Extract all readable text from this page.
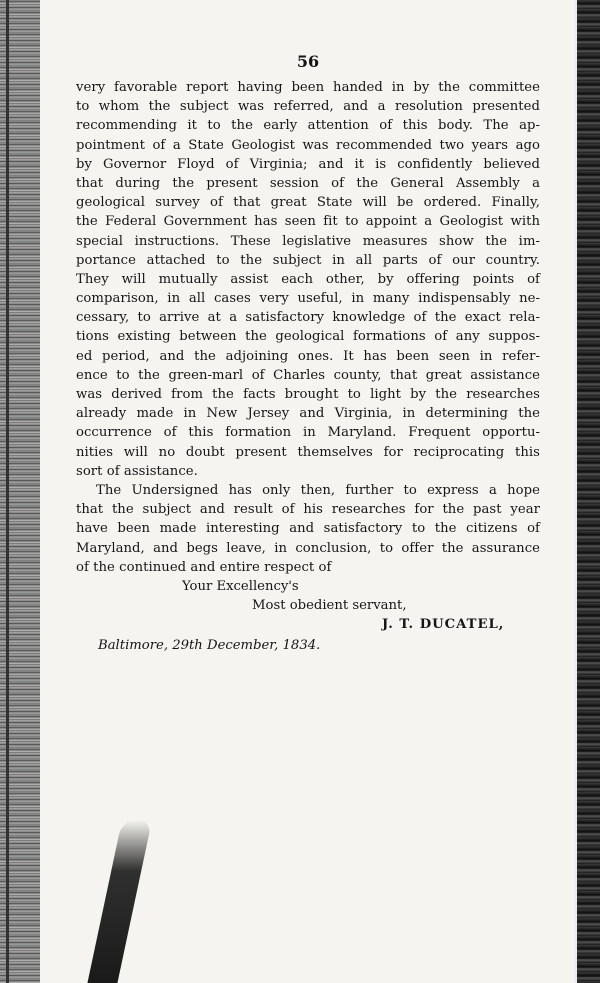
56
very favorable report having been handed in by the committee
to whom the subject was referred, and a resolution presented
recommending it to the early attention of this body. The ap-
pointment of a State Geologist was recommended two years ago
by Governor Floyd of Virginia; and it is confidently believed
that during the present session of the General Assembly a
geological survey of that great State will be ordered. Finally,
the Federal Government has seen fit to appoint a Geologist with
special instructions. These legislative measures show the im-
portance attached to the subject in all parts of our country.
They will mutually assist each other, by offering points of
comparison, in all cases very useful, in many indispensably ne-
cessary, to arrive at a satisfactory knowledge of the exact rela-
tions existing between the geological formations of any suppos-
ed period, and the adjoining ones. It has been seen in refer-
ence to the green-marl of Charles county, that great assistance
was derived from the facts brought to light by the researches
already made in New Jersey and Virginia, in determining the
occurrence of this formation in Maryland. Frequent opportu-
nities will no doubt present themselves for reciprocating this
sort of assistance.
The Undersigned has only then, further to express a hope
that the subject and result of his researches for the past year
have been made interesting and satisfactory to the citizens of
Maryland, and begs leave, in conclusion, to offer the assurance
of the continued and entire respect of
Your Excellency's
Most obedient servant,
J. T. DUCATEL,
Baltimore, 29th December, 1834.
